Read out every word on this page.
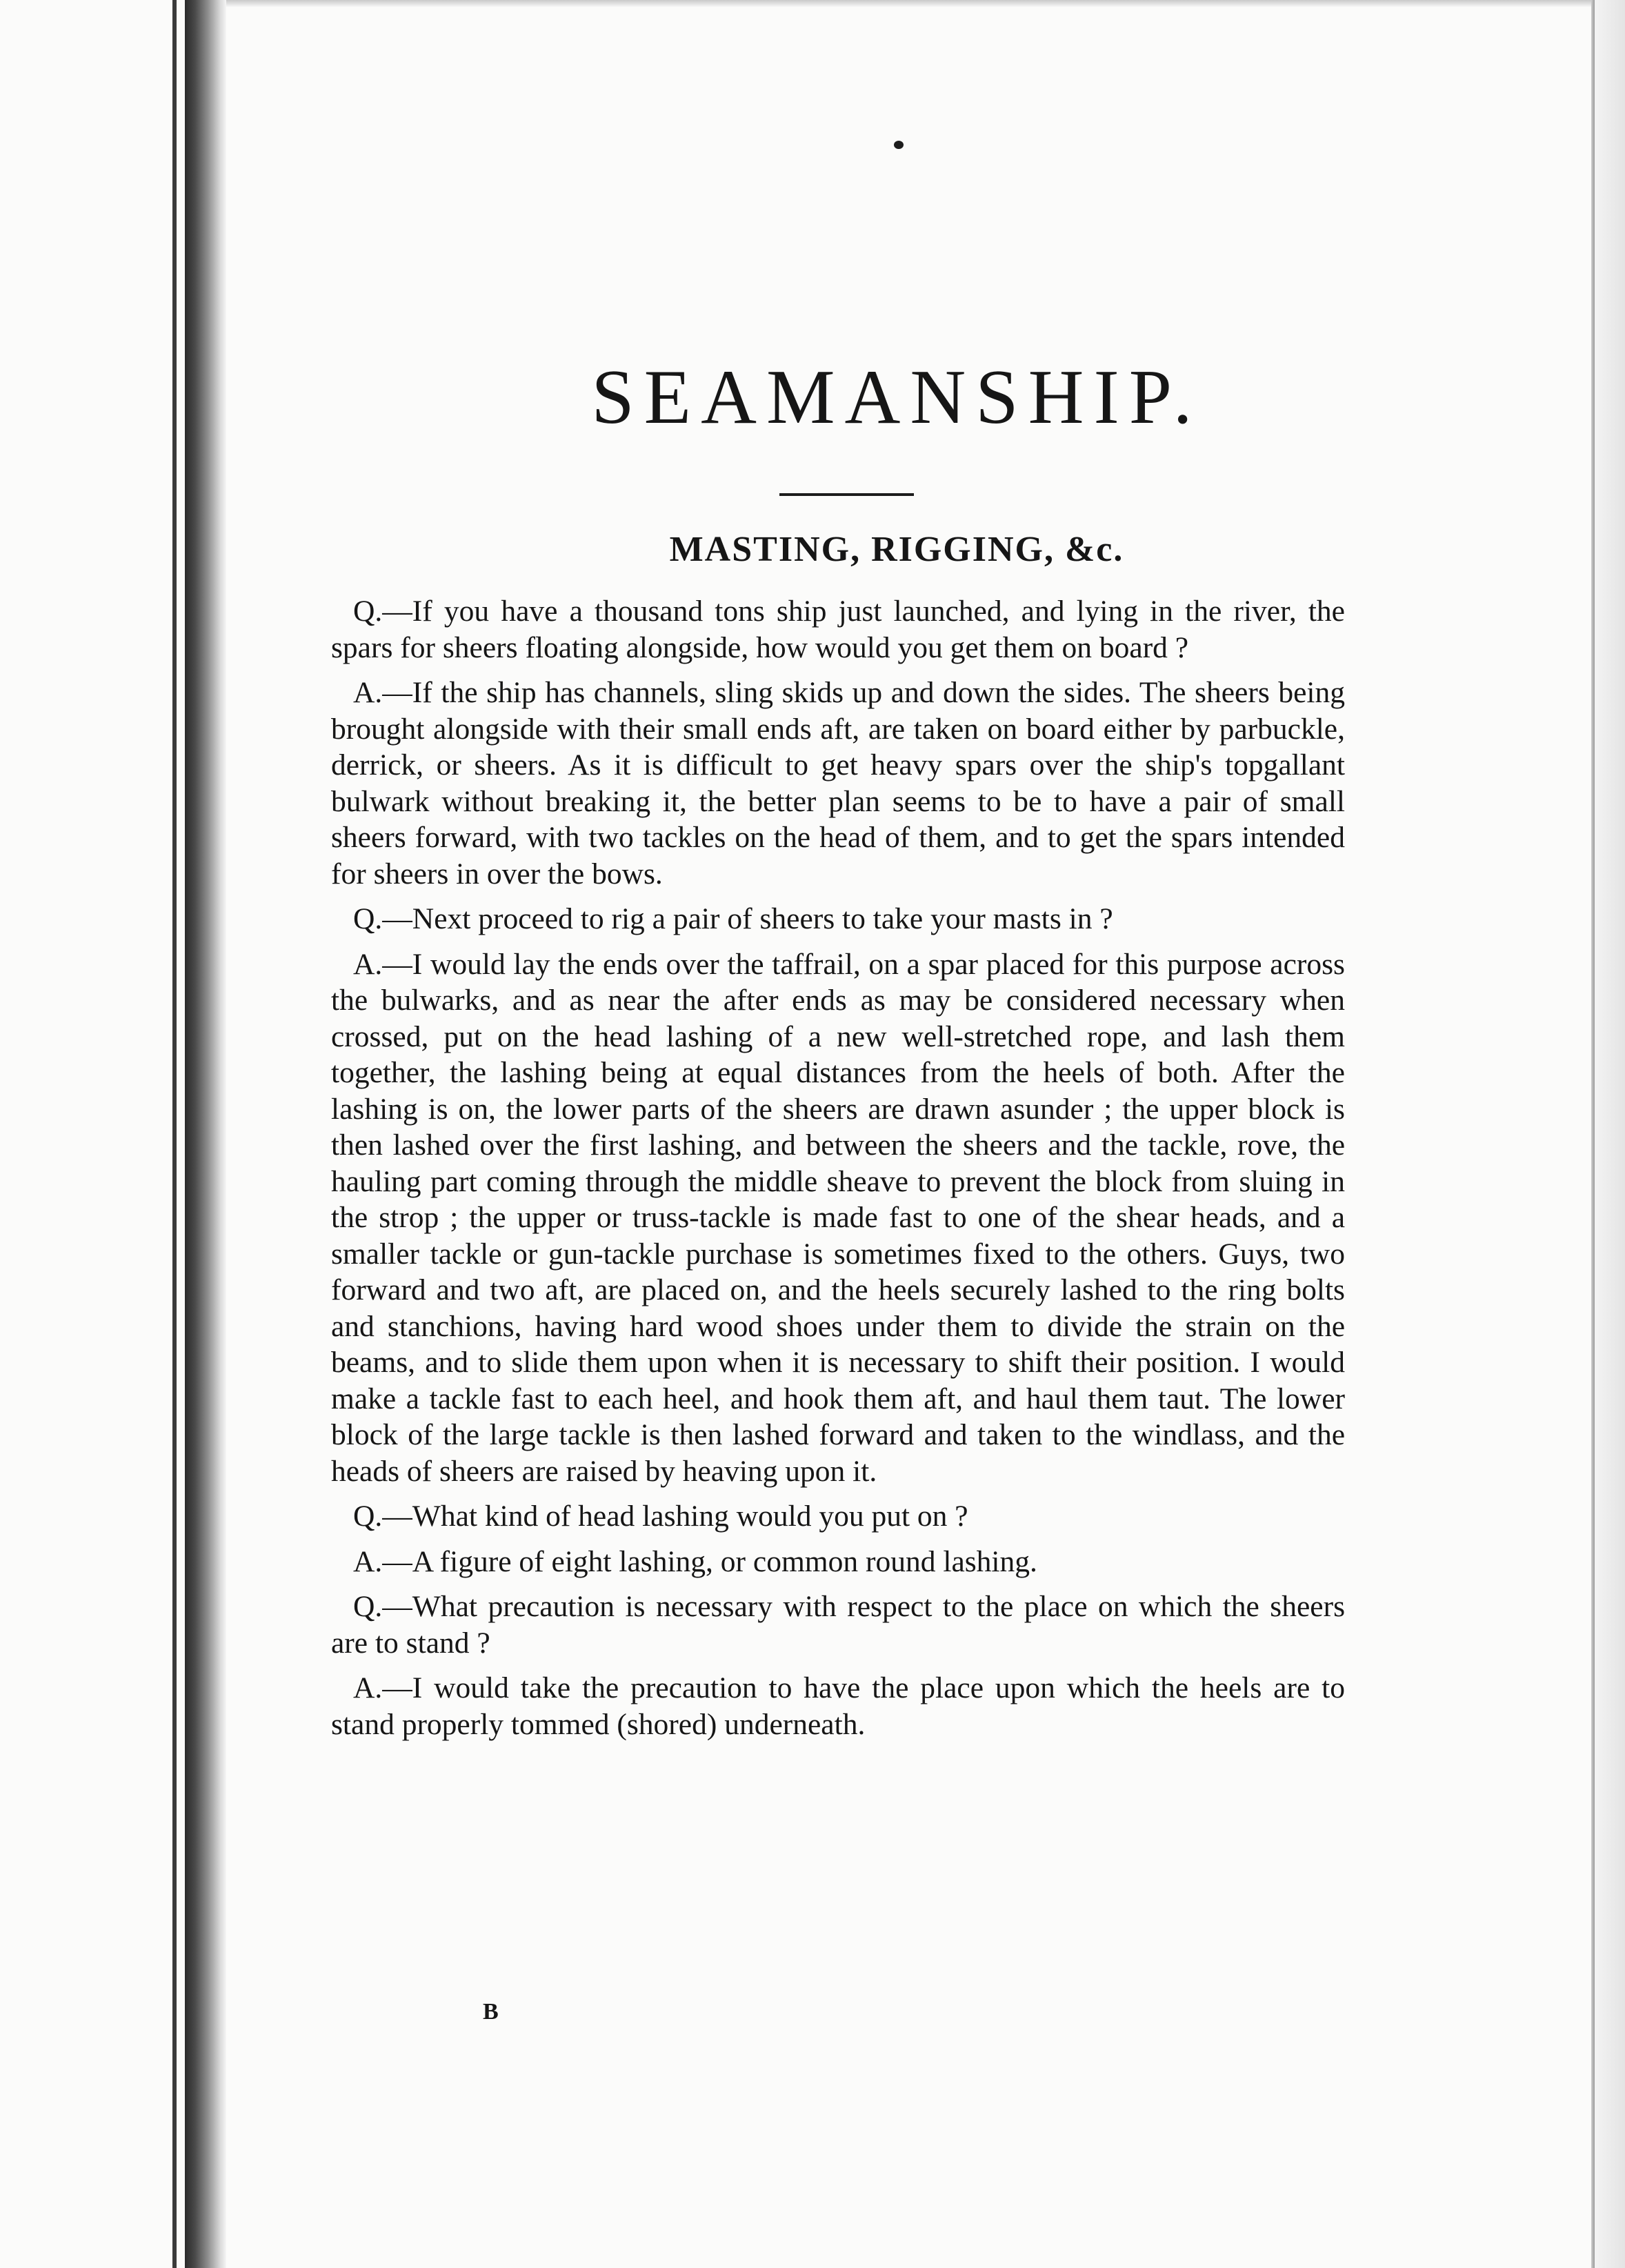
SEAMANSHIP.
MASTING, RIGGING, &c.

Q.—If you have a thousand tons ship just launched, and lying in the river, the spars for sheers floating alongside, how would you get them on board ?

A.—If the ship has channels, sling skids up and down the sides. The sheers being brought alongside with their small ends aft, are taken on board either by parbuckle, derrick, or sheers. As it is difficult to get heavy spars over the ship's topgallant bulwark without breaking it, the better plan seems to be to have a pair of small sheers forward, with two tackles on the head of them, and to get the spars intended for sheers in over the bows.

Q.—Next proceed to rig a pair of sheers to take your masts in ?

A.—I would lay the ends over the taffrail, on a spar placed for this purpose across the bulwarks, and as near the after ends as may be considered necessary when crossed, put on the head lashing of a new well-stretched rope, and lash them together, the lashing being at equal distances from the heels of both. After the lashing is on, the lower parts of the sheers are drawn asunder ; the upper block is then lashed over the first lashing, and between the sheers and the tackle, rove, the hauling part coming through the middle sheave to prevent the block from sluing in the strop ; the upper or truss-tackle is made fast to one of the shear heads, and a smaller tackle or gun-tackle purchase is sometimes fixed to the others. Guys, two forward and two aft, are placed on, and the heels securely lashed to the ring bolts and stanchions, having hard wood shoes under them to divide the strain on the beams, and to slide them upon when it is necessary to shift their position. I would make a tackle fast to each heel, and hook them aft, and haul them taut. The lower block of the large tackle is then lashed forward and taken to the windlass, and the heads of sheers are raised by heaving upon it.

Q.—What kind of head lashing would you put on ?

A.—A figure of eight lashing, or common round lashing.

Q.—What precaution is necessary with respect to the place on which the sheers are to stand ?

A.—I would take the precaution to have the place upon which the heels are to stand properly tommed (shored) underneath.

B
